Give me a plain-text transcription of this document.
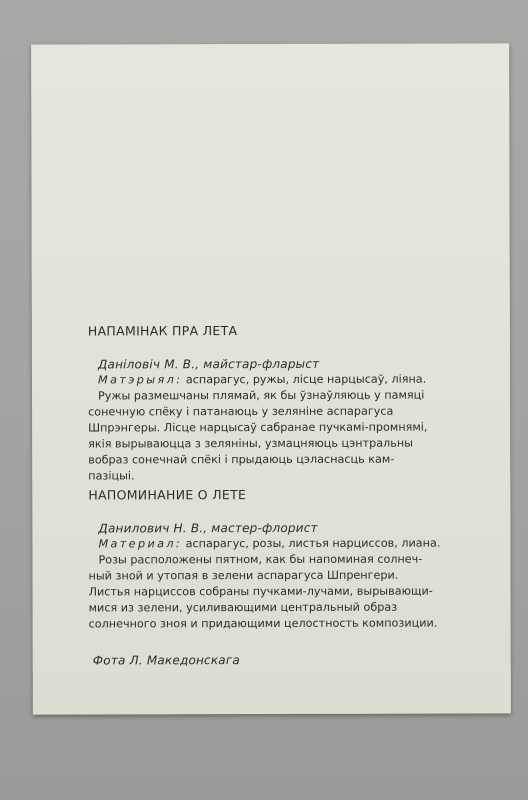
НАПАМІНАК ПРА ЛЕТА
Даніловіч М. В., майстар-фларыст
Матэрыял: аспарагус, ружы, лісце нарцысаў, ліяна.

Ружы размешчаны плямай, як бы ўзнаўляюць у памяці
сонечную спёку і патанаюць у зеляніне аспарагуса
Шпрэнгеры. Лісце нарцысаў сабранае пучкамі-промнямі,
якія вырываюцца з зеляніны, узмацняюць цэнтральны
вобраз сонечнай спёкі і прыдаюць цэласнасць кам-
пазіцыі.

НАПОМИНАНИЕ О ЛЕТЕ
Данилович Н. В., мастер-флорист
Материал: аспарагус, розы, листья нарциссов, лиана.

Розы расположены пятном, как бы напоминая солнеч-
ный зной и утопая в зелени аспарагуса Шпренгери.
Листья нарциссов собраны пучками-лучами, вырывающи-
мися из зелени, усиливающими центральный образ
солнечного зноя и придающими целостность композиции.

Фота Л. Македонскага
